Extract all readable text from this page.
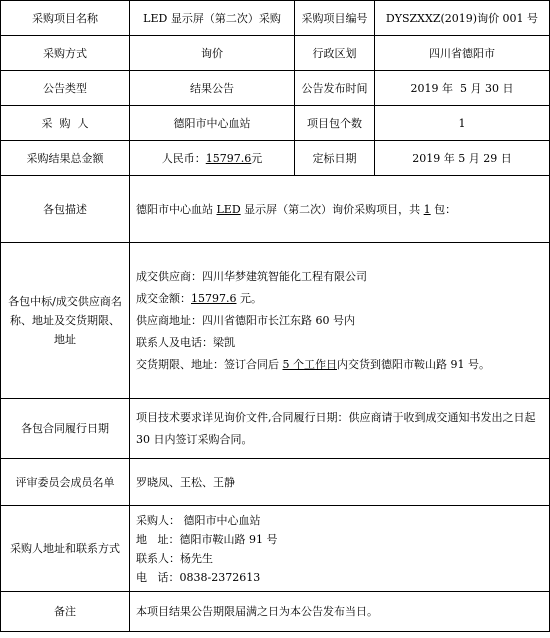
采购项目名称	LED 显示屏（第二次）采购	采购项目编号	DYSZXXZ(2019)询价 001 号
采购方式	询价	行政区划	四川省德阳市
公告类型	结果公告	公告发布时间	2019 年  5 月 30 日
采  购  人	德阳市中心血站	项目包个数	1
采购结果总金额	人民币：15797.6元	定标日期	2019 年 5 月 29 日
各包描述	德阳市中心血站 LED 显示屏（第二次）询价采购项目，共 1 包：		
各包中标/成交供应商名称、地址及交货期限、地址	成交供应商：四川华梦建筑智能化工程有限公司
成交金额：15797.6 元。
供应商地址：四川省德阳市长江东路 60 号内
联系人及电话：梁凯
交货期限、地址：签订合同后 5 个工作日内交货到德阳市鞍山路 91 号。		

各包合同履行日期	项目技术要求详见询价文件,合同履行日期：供应商请于收到成交通知书发出之日起 30 日内签订采购合同。		
评审委员会成员名单	罗晓凤、王松、王静		
采购人地址和联系方式	采购人： 德阳市中心血站
地   址：德阳市鞍山路 91 号
联系人：杨先生
电   话：0838-2372613		

备注	本项目结果公告期限届满之日为本公告发布当日。		
